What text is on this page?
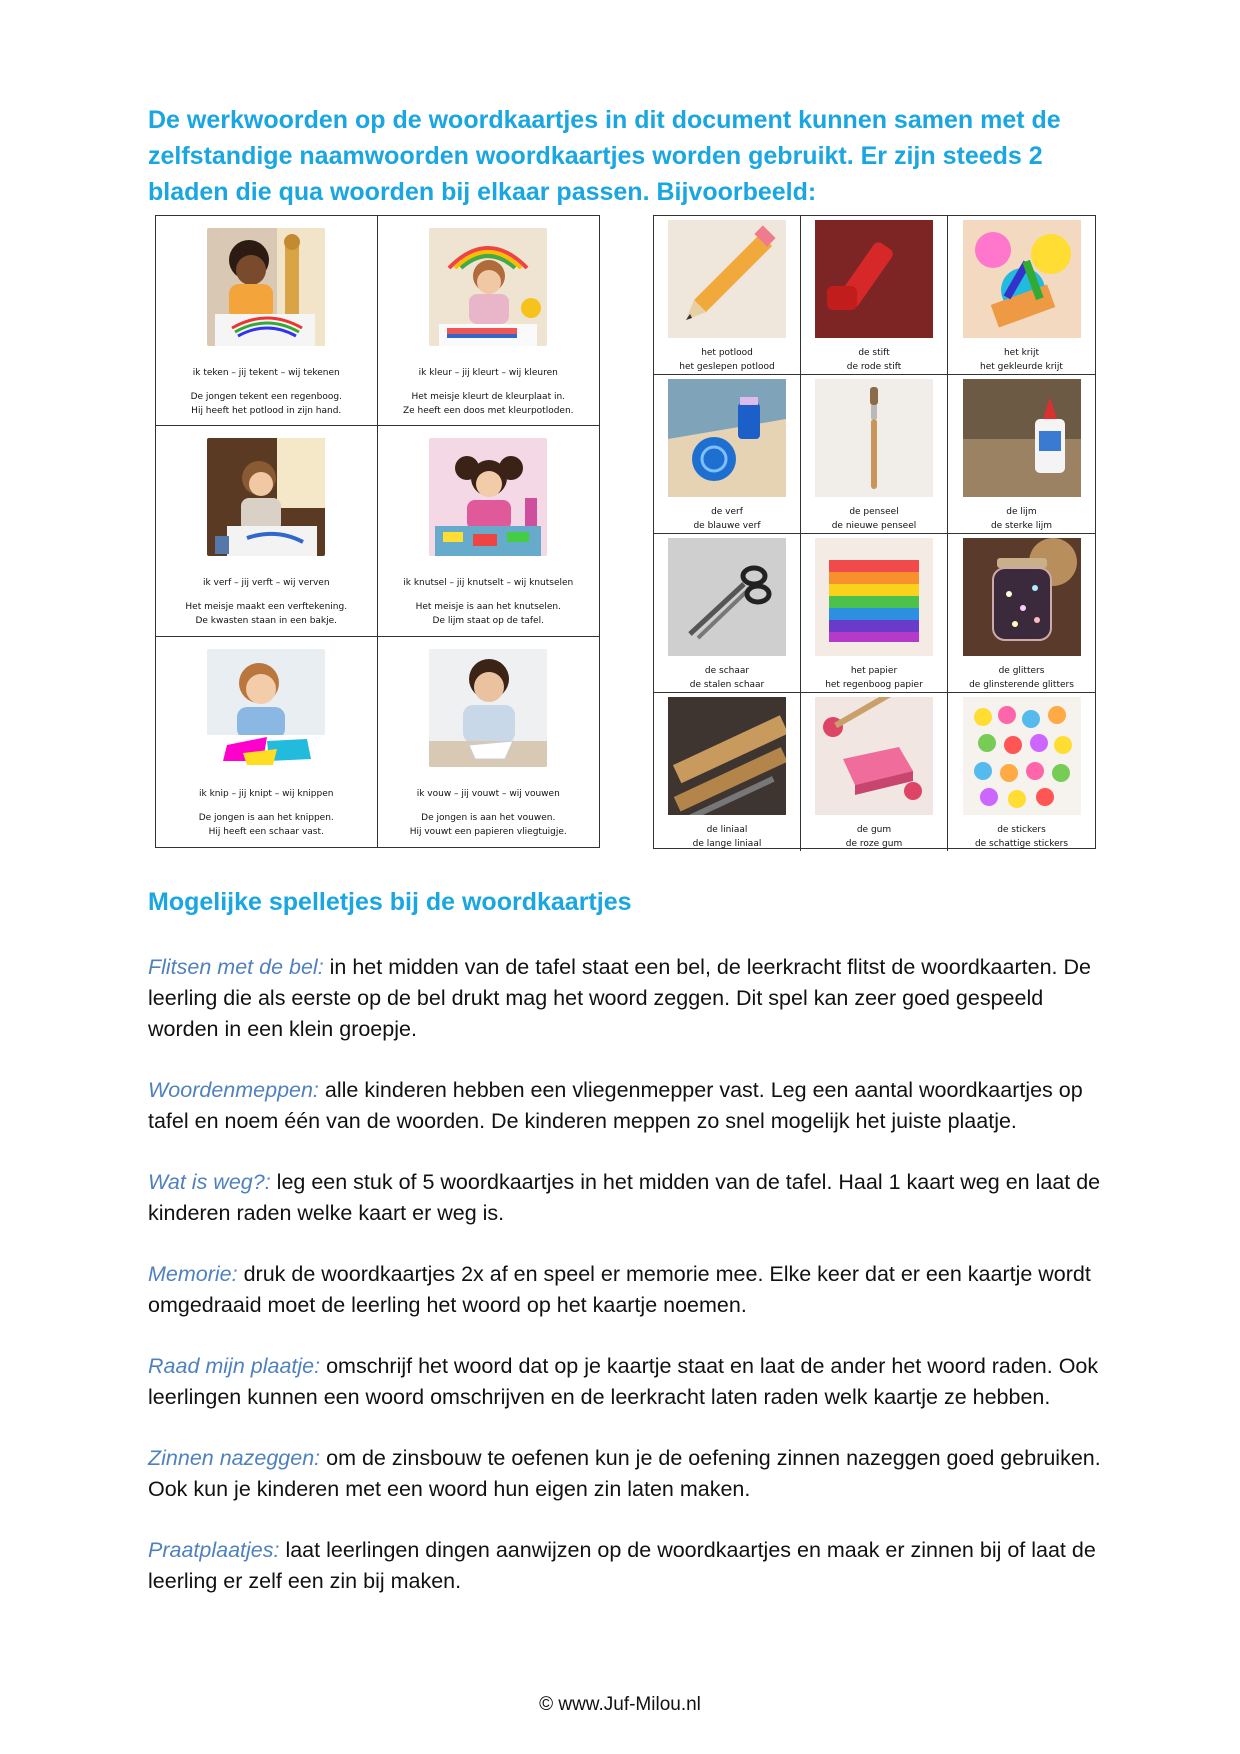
De werkwoorden op de woordkaartjes in dit document kunnen samen met de zelfstandige naamwoorden woordkaartjes worden gebruikt. Er zijn steeds 2 bladen die qua woorden bij elkaar passen. Bijvoorbeeld:
ik teken – jij tekent – wij tekenen
De jongen tekent een regenboog.
Hij heeft het potlood in zijn hand.
ik kleur – jij kleurt – wij kleuren
Het meisje kleurt de kleurplaat in.
Ze heeft een doos met kleurpotloden.
ik verf – jij verft – wij verven
Het meisje maakt een verftekening.
De kwasten staan in een bakje.
ik knutsel – jij knutselt – wij knutselen
Het meisje is aan het knutselen.
De lijm staat op de tafel.
ik knip – jij knipt – wij knippen
De jongen is aan het knippen.
Hij heeft een schaar vast.
ik vouw – jij vouwt – wij vouwen
De jongen is aan het vouwen.
Hij vouwt een papieren vliegtuigje.
het potlood
het geslepen potlood
de stift
de rode stift
het krijt
het gekleurde krijt
de verf
de blauwe verf
de penseel
de nieuwe penseel
de lijm
de sterke lijm
de schaar
de stalen schaar
het papier
het regenboog papier
de glitters
de glinsterende glitters
de liniaal
de lange liniaal
de gum
de roze gum
de stickers
de schattige stickers
Mogelijke spelletjes bij de woordkaartjes

Flitsen met de bel: in het midden van de tafel staat een bel, de leerkracht flitst de woordkaarten. De leerling die als eerste op de bel drukt mag het woord zeggen. Dit spel kan zeer goed gespeeld worden in een klein groepje.

Woordenmeppen: alle kinderen hebben een vliegenmepper vast. Leg een aantal woordkaartjes op tafel en noem één van de woorden. De kinderen meppen zo snel mogelijk het juiste plaatje.

Wat is weg?: leg een stuk of 5 woordkaartjes in het midden van de tafel. Haal 1 kaart weg en laat de kinderen raden welke kaart er weg is.

Memorie: druk de woordkaartjes 2x af en speel er memorie mee. Elke keer dat er een kaartje wordt omgedraaid moet de leerling het woord op het kaartje noemen.

Raad mijn plaatje: omschrijf het woord dat op je kaartje staat en laat de ander het woord raden. Ook leerlingen kunnen een woord omschrijven en de leerkracht laten raden welk kaartje ze hebben.

Zinnen nazeggen: om de zinsbouw te oefenen kun je de oefening zinnen nazeggen goed gebruiken. Ook kun je kinderen met een woord hun eigen zin laten maken.

Praatplaatjes: laat leerlingen dingen aanwijzen op de woordkaartjes en maak er zinnen bij of laat de leerling er zelf een zin bij maken.

© www.Juf-Milou.nl
